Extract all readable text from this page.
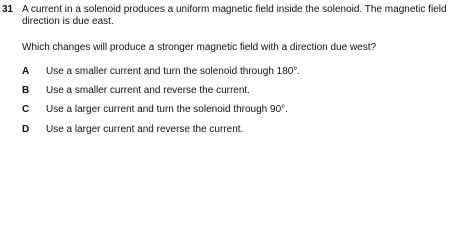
31 A current in a solenoid produces a uniform magnetic field inside the solenoid. The magnetic field direction is due east.
Which changes will produce a stronger magnetic field with a direction due west?
A Use a smaller current and turn the solenoid through 180°.
B Use a smaller current and reverse the current.
C Use a larger current and turn the solenoid through 90°.
D Use a larger current and reverse the current.
